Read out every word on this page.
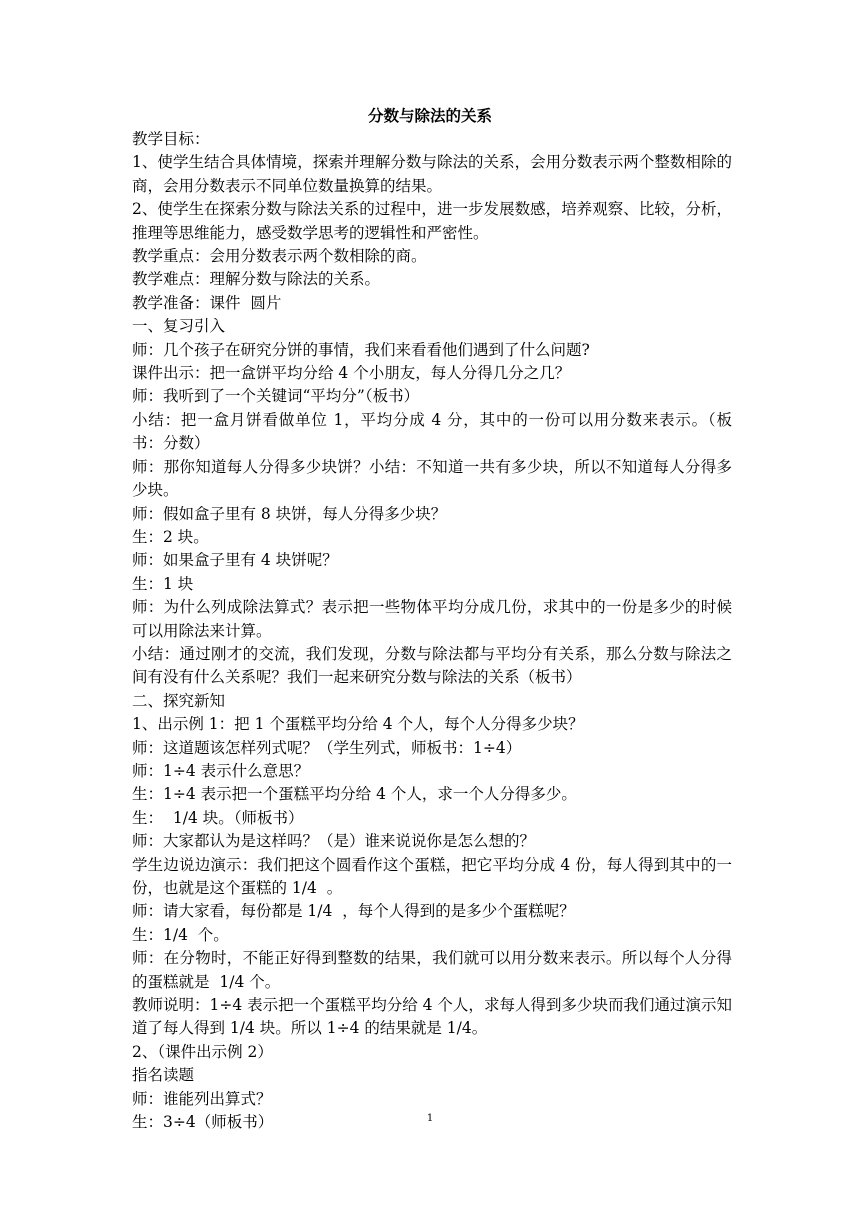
分数与除法的关系

教学目标：

1、使学生结合具体情境，探索并理解分数与除法的关系，会用分数表示两个整数相除的商，会用分数表示不同单位数量换算的结果。

2、使学生在探索分数与除法关系的过程中，进一步发展数感，培养观察、比较，分析，推理等思维能力，感受数学思考的逻辑性和严密性。

教学重点：会用分数表示两个数相除的商。

教学难点：理解分数与除法的关系。

教学准备：课件  圆片

一、复习引入

师：几个孩子在研究分饼的事情，我们来看看他们遇到了什么问题?

课件出示：把一盒饼平均分给 4 个小朋友，每人分得几分之几？

师：我听到了一个关键词“平均分”（板书）

小结：把一盒月饼看做单位 1，平均分成 4 分，其中的一份可以用分数来表示。（板书：分数）

师：那你知道每人分得多少块饼？小结：不知道一共有多少块，所以不知道每人分得多少块。

师：假如盒子里有 8 块饼，每人分得多少块？

生：2 块。

师：如果盒子里有 4 块饼呢？

生：1 块

师：为什么列成除法算式？表示把一些物体平均分成几份，求其中的一份是多少的时候可以用除法来计算。

小结：通过刚才的交流，我们发现，分数与除法都与平均分有关系，那么分数与除法之间有没有什么关系呢？我们一起来研究分数与除法的关系（板书）

二、探究新知

1、出示例 1：把 1 个蛋糕平均分给 4 个人，每个人分得多少块？

师：这道题该怎样列式呢？（学生列式，师板书：1÷4）

师：1÷4 表示什么意思？

生：1÷4 表示把一个蛋糕平均分给 4 个人，求一个人分得多少。

生：  1/4 块。（师板书）

师：大家都认为是这样吗？（是）谁来说说你是怎么想的？

学生边说边演示：我们把这个圆看作这个蛋糕，把它平均分成 4 份，每人得到其中的一份，也就是这个蛋糕的 1/4  。

师：请大家看，每份都是 1/4  ，每个人得到的是多少个蛋糕呢？

生：1/4  个。

师：在分物时，不能正好得到整数的结果，我们就可以用分数来表示。所以每个人分得的蛋糕就是  1/4 个。

教师说明：1÷4 表示把一个蛋糕平均分给 4 个人，求每人得到多少块而我们通过演示知道了每人得到 1/4 块。所以 1÷4 的结果就是 1/4。

2、（课件出示例 2）

指名读题

师：谁能列出算式？

生：3÷4（师板书）	1
